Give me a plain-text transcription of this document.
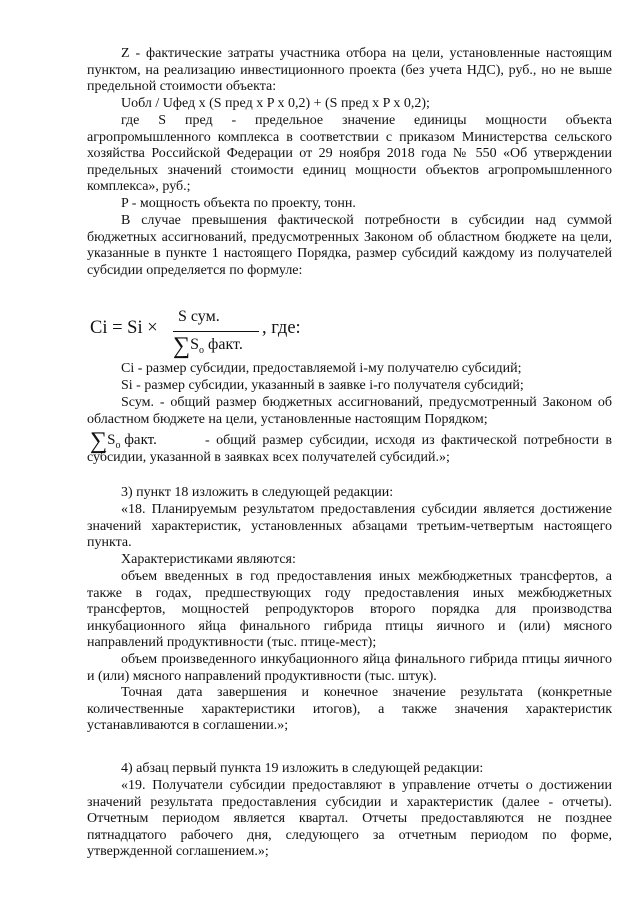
Z - фактические затраты участника отбора на цели, установленные настоящим пунктом, на реализацию инвестиционного проекта (без учета НДС), руб., но не выше предельной стоимости объекта:

Uобл / Uфед x (S пред x P x 0,2) + (S пред x P x 0,2);

где S пред - предельное значение единицы мощности объекта агропромышленного комплекса в соответствии с приказом Министерства сельского хозяйства Российской Федерации от 29 ноября 2018 года № 550 «Об утверждении предельных значений стоимости единиц мощности объектов агропромышленного комплекса», руб.;

P - мощность объекта по проекту, тонн.

В случае превышения фактической потребности в субсидии над суммой бюджетных ассигнований, предусмотренных Законом об областном бюджете на цели, указанные в пункте 1 настоящего Порядка, размер субсидий каждому из получателей субсидии определяется по формуле:

Ci = Si ×
S сум.
$\sum S_о$ факт.
, где:

Ci - размер субсидии, предоставляемой i-му получателю субсидий;

Si - размер субсидии, указанный в заявке i-го получателя субсидий;

Sсум. - общий размер бюджетных ассигнований, предусмотренный Законом об областном бюджете на цели, установленные настоящим Порядком;

$\sum S_о$ факт.	- общий размер субсидии, исходя из фактической потребности в субсидии, указанной в заявках всех получателей субсидий.»;

3) пункт 18 изложить в следующей редакции:

«18. Планируемым результатом предоставления субсидии является достижение значений характеристик, установленных абзацами третьим-четвертым настоящего пункта.

Характеристиками являются:

объем введенных в год предоставления иных межбюджетных трансфертов, а также в годах, предшествующих году предоставления иных межбюджетных трансфертов, мощностей репродукторов второго порядка для производства инкубационного яйца финального гибрида птицы яичного и (или) мясного направлений продуктивности (тыс. птице-мест);

объем произведенного инкубационного яйца финального гибрида птицы яичного и (или) мясного направлений продуктивности (тыс. штук).

Точная дата завершения и конечное значение результата (конкретные количественные характеристики итогов), а также значения характеристик устанавливаются в соглашении.»;

4) абзац первый пункта 19 изложить в следующей редакции:

«19. Получатели субсидии предоставляют в управление отчеты о достижении значений результата предоставления субсидии и характеристик (далее - отчеты). Отчетным периодом является квартал. Отчеты предоставляются не позднее пятнадцатого рабочего дня, следующего за отчетным периодом по форме, утвержденной соглашением.»;
